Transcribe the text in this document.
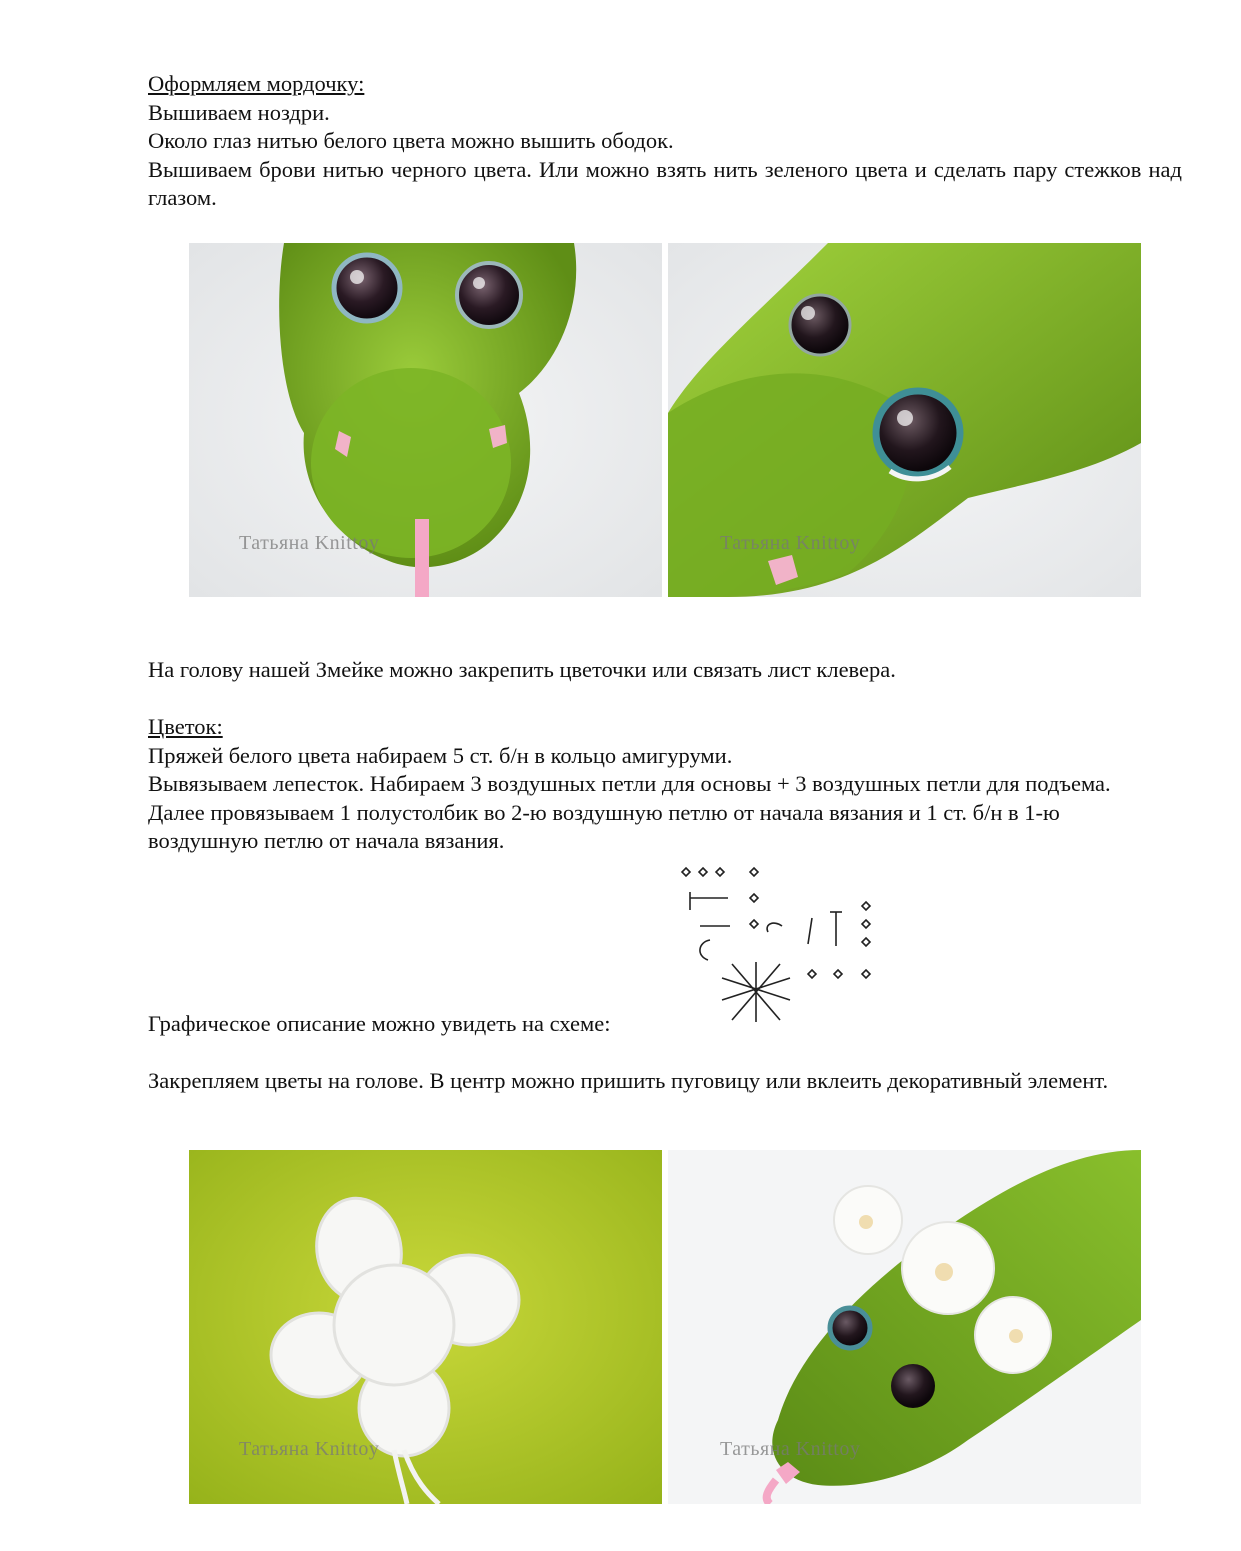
Оформляем мордочку:

Вышиваем ноздри.

Около глаз нитью белого цвета можно вышить ободок.

Вышиваем брови нитью черного цвета. Или можно взять нить зеленого цвета и сделать пару стежков над глазом.

Татьяна Knittoy	Татьяна Knittoy
На голову нашей Змейке можно закрепить цветочки или связать лист клевера.

Цветок:

Пряжей белого цвета набираем 5 ст. б/н в кольцо амигуруми.

Вывязываем лепесток. Набираем 3 воздушных петли для основы + 3 воздушных петли для подъема. Далее провязываем 1 полустолбик во 2-ю воздушную петлю от начала вязания и 1 ст. б/н в 1-ю воздушную петлю от начала вязания.

Графическое описание можно увидеть на схеме:
Закрепляем цветы на голове. В центр можно пришить пуговицу или вклеить декоративный элемент.
Татьяна Knittoy	Татьяна Knittoy
